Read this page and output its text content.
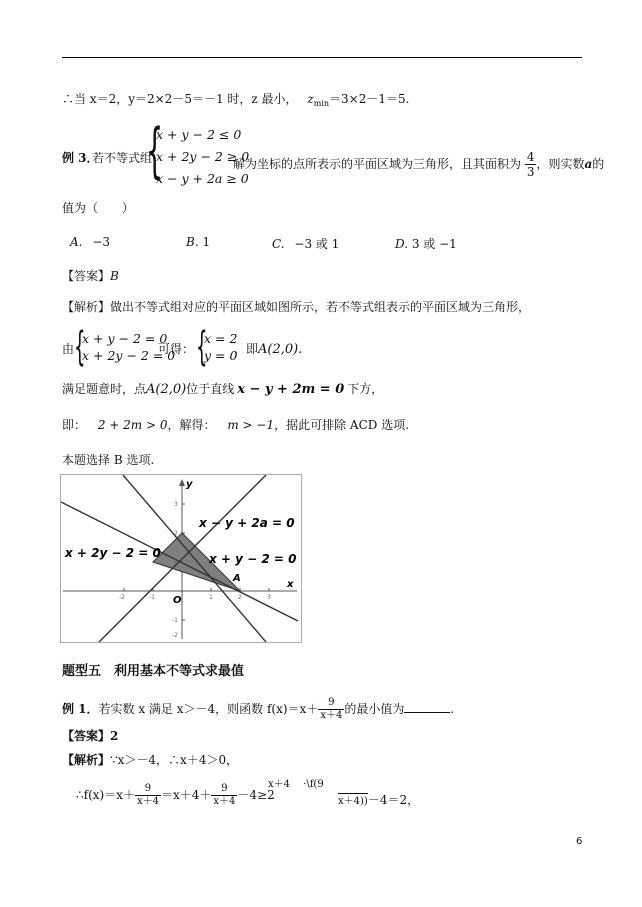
∴当 x＝2，y＝2×2－5＝－1 时，z 最小， $z_{min}=3\times 2-1=5$.
例 3．
若不等式组
{
x + y − 2 ≤ 0
x + 2y − 2 ≥ 0
x − y + 2a ≥ 0
解为坐标的点所表示的平面区域为三角形，且其面积为 $\frac{4}{3}$ ，则实数a的
值为（　　）
A. −3	B. 1	C. −3 或 1	D. 3 或 −1
【答案】B
【解析】做出不等式组对应的平面区域如图所示，若不等式组表示的平面区域为三角形，
由 {
x + y − 2 = 0
x + 2y − 2 = 0
可得： {
x = 2
y = 0
，即A(2,0).
满足题意时，点A(2,0)位于直线 x − y + 2m = 0 下方，
即： 2 + 2m > 0，解得： m > −1，据此可排除 ACD 选项.
本题选择 B 选项.
x − y + 2a = 0
x + 2y − 2 = 0	x + y − 2 = 0
A
O
x
y
-2	-1	1	2	3
3
2
1
-1
-2
题型五　利用基本不等式求最值
例 1．若实数 x 满足 x＞－4，则函数 $f(x)=x+ \frac{9}{x+4}$ 的最小值为	.
【答案】2
【解析】∵x＞－4，∴x＋4＞0，
∴f(x)＝x＋ $\frac{9}{x+4} =x+4+ \frac{9}{x+4} -4\ge 2$
x＋4　 ·\f(9
x＋4))－4＝2，
6
